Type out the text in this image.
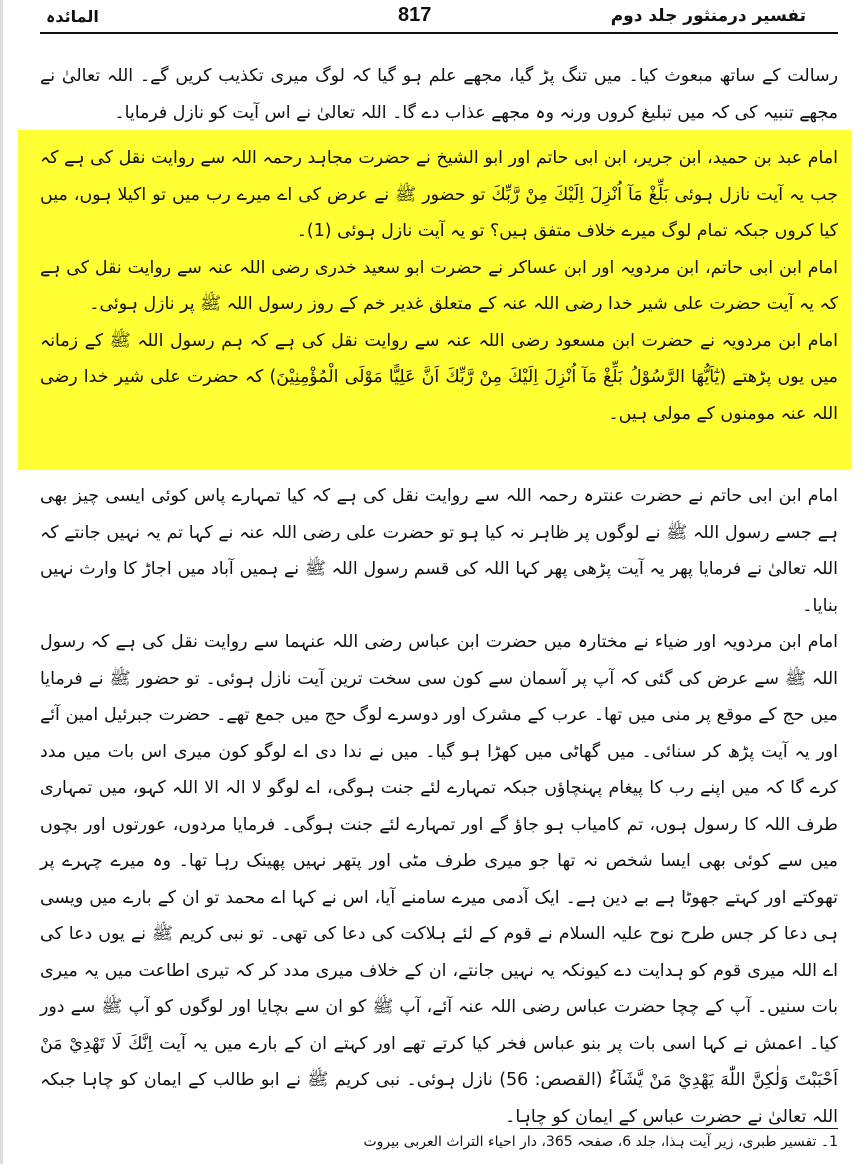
تفسیر درمنثور جلد دوم
817
المائدہ

رسالت کے ساتھ مبعوث کیا۔ میں تنگ پڑ گیا، مجھے علم ہو گیا کہ لوگ میری تکذیب کریں گے۔ اللہ تعالیٰ نے مجھے تنبیہ کی کہ میں تبلیغ کروں ورنہ وہ مجھے عذاب دے گا۔ اللہ تعالیٰ نے اس آیت کو نازل فرمایا۔

امام عبد بن حمید، ابن جریر، ابن ابی حاتم اور ابو الشیخ نے حضرت مجاہد رحمہ اللہ سے روایت نقل کی ہے کہ جب یہ آیت نازل ہوئی بَلِّغْ مَآ اُنْزِلَ اِلَيْكَ مِنْ رَّبِّكَ تو حضور ﷺ نے عرض کی اے میرے رب میں تو اکیلا ہوں، میں کیا کروں جبکہ تمام لوگ میرے خلاف متفق ہیں؟ تو یہ آیت نازل ہوئی (1)۔

امام ابن ابی حاتم، ابن مردویہ اور ابن عساکر نے حضرت ابو سعید خدری رضی اللہ عنہ سے روایت نقل کی ہے کہ یہ آیت حضرت علی شیر خدا رضی اللہ عنہ کے متعلق غدیر خم کے روز رسول اللہ ﷺ پر نازل ہوئی۔

امام ابن مردویہ نے حضرت ابن مسعود رضی اللہ عنہ سے روایت نقل کی ہے کہ ہم رسول اللہ ﷺ کے زمانہ میں یوں پڑھتے (يٰٓاَيُّهَا الرَّسُوْلُ بَلِّغْ مَآ اُنْزِلَ اِلَيْكَ مِنْ رَّبِّكَ اَنَّ عَلِيًّا مَوْلَى الْمُؤْمِنِيْنَ) کہ حضرت علی شیر خدا رضی اللہ عنہ مومنوں کے مولی ہیں۔

امام ابن ابی حاتم نے حضرت عنترہ رحمہ اللہ سے روایت نقل کی ہے کہ کیا تمہارے پاس کوئی ایسی چیز بھی ہے جسے رسول اللہ ﷺ نے لوگوں پر ظاہر نہ کیا ہو تو حضرت علی رضی اللہ عنہ نے کہا تم یہ نہیں جانتے کہ اللہ تعالیٰ نے فرمایا پھر یہ آیت پڑھی پھر کہا اللہ کی قسم رسول اللہ ﷺ نے ہمیں آباد میں اجاڑ کا وارث نہیں بنایا۔

امام ابن مردویہ اور ضیاء نے مختارہ میں حضرت ابن عباس رضی اللہ عنہما سے روایت نقل کی ہے کہ رسول اللہ ﷺ سے عرض کی گئی کہ آپ پر آسمان سے کون سی سخت ترین آیت نازل ہوئی۔ تو حضور ﷺ نے فرمایا میں حج کے موقع پر منی میں تھا۔ عرب کے مشرک اور دوسرے لوگ حج میں جمع تھے۔ حضرت جبرئیل امین آئے اور یہ آیت پڑھ کر سنائی۔ میں گھاٹی میں کھڑا ہو گیا۔ میں نے ندا دی اے لوگو کون میری اس بات میں مدد کرے گا کہ میں اپنے رب کا پیغام پہنچاؤں جبکہ تمہارے لئے جنت ہوگی، اے لوگو لا الہ الا اللہ کہو، میں تمہاری طرف اللہ کا رسول ہوں، تم کامیاب ہو جاؤ گے اور تمہارے لئے جنت ہوگی۔ فرمایا مردوں، عورتوں اور بچوں میں سے کوئی بھی ایسا شخص نہ تھا جو میری طرف مٹی اور پتھر نہیں پھینک رہا تھا۔ وہ میرے چہرے پر تھوکتے اور کہتے جھوٹا ہے بے دین ہے۔ ایک آدمی میرے سامنے آیا، اس نے کہا اے محمد تو ان کے بارے میں ویسی ہی دعا کر جس طرح نوح علیہ السلام نے قوم کے لئے ہلاکت کی دعا کی تھی۔ تو نبی کریم ﷺ نے یوں دعا کی اے اللہ میری قوم کو ہدایت دے کیونکہ یہ نہیں جانتے، ان کے خلاف میری مدد کر کہ تیری اطاعت میں یہ میری بات سنیں۔ آپ کے چچا حضرت عباس رضی اللہ عنہ آئے، آپ ﷺ کو ان سے بچایا اور لوگوں کو آپ ﷺ سے دور کیا۔ اعمش نے کہا اسی بات پر بنو عباس فخر کیا کرتے تھے اور کہتے ان کے بارے میں یہ آیت اِنَّكَ لَا تَهْدِيْ مَنْ اَحْبَبْتَ وَلٰكِنَّ اللّٰهَ يَهْدِيْ مَنْ يَّشَآءُ (القصص: 56) نازل ہوئی۔ نبی کریم ﷺ نے ابو طالب کے ایمان کو چاہا جبکہ اللہ تعالیٰ نے حضرت عباس کے ایمان کو چاہا۔

1۔ تفسیر طبری، زیر آیت ہذا، جلد 6، صفحہ 365، دار احیاء التراث العربی بیروت
